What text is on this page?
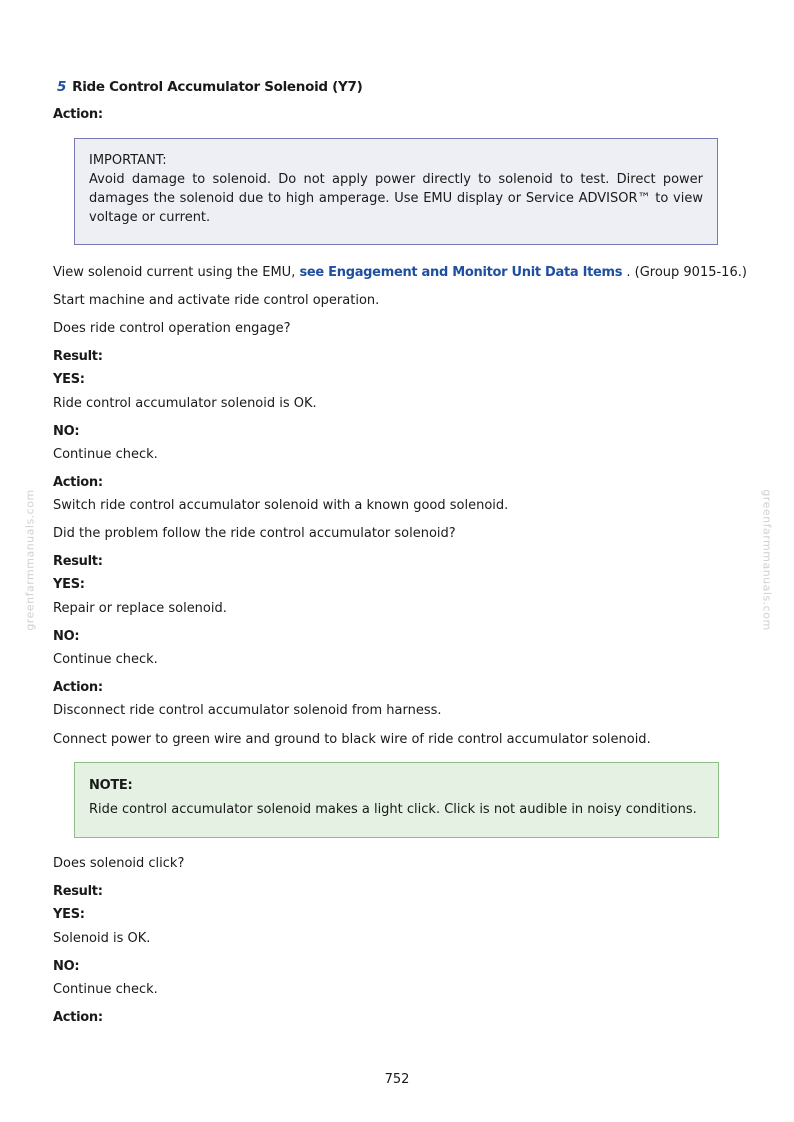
5 Ride Control Accumulator Solenoid (Y7)
Action:
IMPORTANT:
Avoid damage to solenoid. Do not apply power directly to solenoid to test. Direct power damages the solenoid due to high amperage. Use EMU display or Service ADVISOR™ to view voltage or current.
View solenoid current using the EMU, see Engagement and Monitor Unit Data Items . (Group 9015-16.)
Start machine and activate ride control operation.
Does ride control operation engage?
Result:
YES:
Ride control accumulator solenoid is OK.
NO:
Continue check.
Action:
Switch ride control accumulator solenoid with a known good solenoid.
Did the problem follow the ride control accumulator solenoid?
Result:
YES:
Repair or replace solenoid.
NO:
Continue check.
Action:
Disconnect ride control accumulator solenoid from harness.
Connect power to green wire and ground to black wire of ride control accumulator solenoid.
NOTE:
Ride control accumulator solenoid makes a light click. Click is not audible in noisy conditions.
Does solenoid click?
Result:
YES:
Solenoid is OK.
NO:
Continue check.
Action:
greenfarmmanuals.com	greenfarmmanuals.com
752
